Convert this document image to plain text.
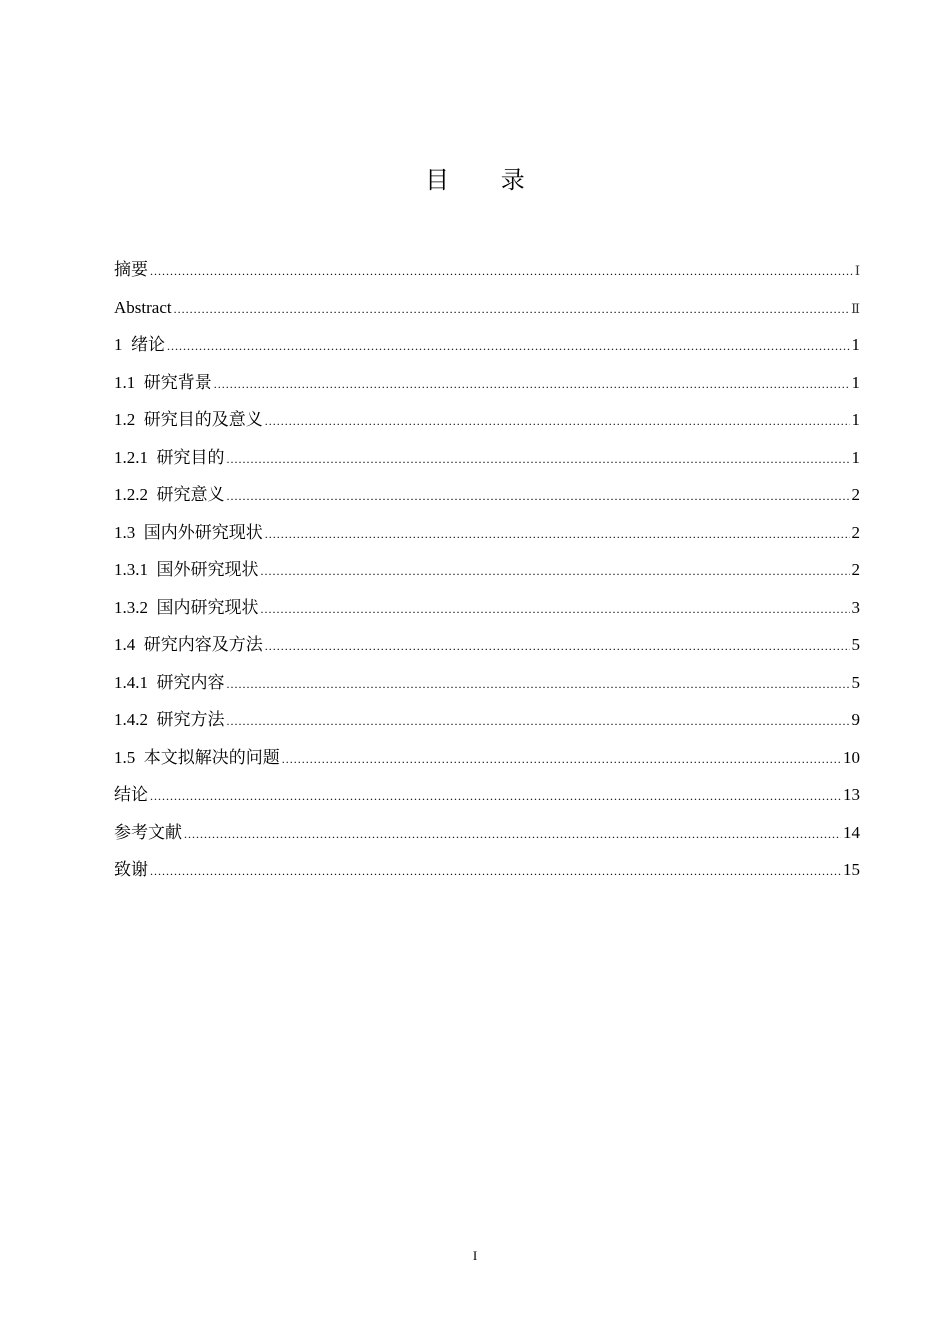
目 录
摘要 .....	Ⅰ
Abstract .....	Ⅱ
1  绪论 .....	1
1.1  研究背景 .....	1
1.2  研究目的及意义 .....	1
1.2.1  研究目的 .....	1
1.2.2  研究意义 .....	2
1.3  国内外研究现状 .....	2
1.3.1  国外研究现状 .....	2
1.3.2  国内研究现状 .....	3
1.4  研究内容及方法 .....	5
1.4.1  研究内容 .....	5
1.4.2  研究方法 .....	9
1.5  本文拟解决的问题 .....	10
结论 .....	13
参考文献 .....	14
致谢 .....	15
I
